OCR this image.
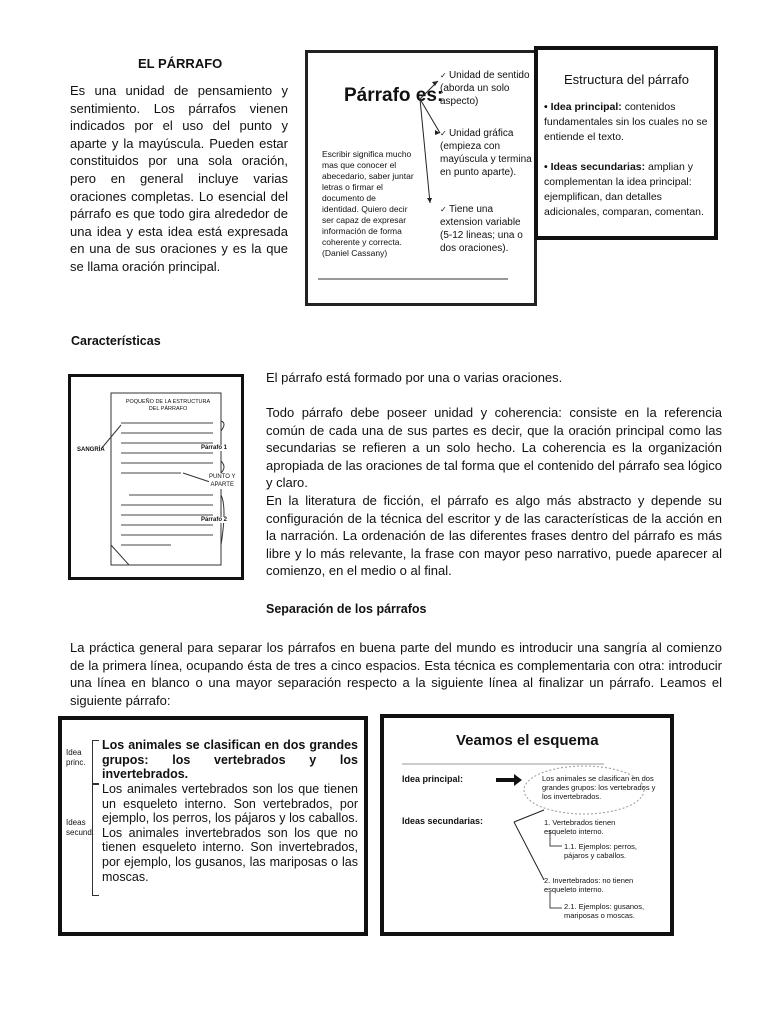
EL PÁRRAFO

Es una unidad de pensamiento y sentimiento. Los párrafos vienen indicados por el uso del punto y aparte y la mayúscula. Pueden estar constituidos por una sola oración, pero en general incluye varias oraciones completas. Lo esencial del párrafo es que todo gira alrededor de una idea y esta idea está expresada en una de sus oraciones y es la que se llama oración principal.

Párrafo es:
Escribir significa mucho mas que conocer el abecedario, saber juntar letras o firmar el documento de identidad. Quiero decir ser capaz de expresar información de forma coherente y correcta. (Daniel Cassany)
✓ Unidad de sentido (aborda un solo aspecto)
✓ Unidad gráfica (empieza con mayúscula y termina en punto aparte).
✓ Tiene una extension variable (5-12 lineas; una o dos oraciones).
Estructura del párrafo
• Idea principal: contenidos fundamentales sin los cuales no se entiende el texto.
• Ideas secundarias: amplian y complementan la idea principal: ejemplifican, dan detalles adicionales, comparan, comentan.
Características
POQUEÑO DE LA ESTRUCTURA
DEL PÁRRAFO
SANGRÍA	Párrafo 1
PUNTO Y
APARTE
Párrafo 2

El párrafo está formado por una o varias oraciones.

Todo párrafo debe poseer unidad y coherencia: consiste en la referencia común de cada una de sus partes es decir, que la oración principal como las secundarias se refieren a un solo hecho. La coherencia es la organización apropiada de las oraciones de tal forma que el contenido del párrafo sea lógico y claro.

En la literatura de ficción, el párrafo es algo más abstracto y depende su configuración de la técnica del escritor y de las características de la acción en la narración. La ordenación de las diferentes frases dentro del párrafo es más libre y lo más relevante, la frase con mayor peso narrativo, puede aparecer al comienzo, en el medio o al final.

Separación de los párrafos

La práctica general para separar los párrafos en buena parte del mundo es introducir una sangría al comienzo de la primera línea, ocupando ésta de tres a cinco espacios. Esta técnica es complementaria con otra: introducir una línea en blanco o una mayor separación respecto a la siguiente línea al finalizar un párrafo. Leamos el siguiente párrafo:

Idea
princ.
Los animales se clasifican en dos grandes grupos: los vertebrados y los invertebrados.
Ideas
secund.
Los animales vertebrados son los que tienen un esqueleto interno. Son vertebrados, por ejemplo, los perros, los pájaros y los caballos. Los animales invertebrados son los que no tienen esqueleto interno. Son invertebrados, por ejemplo, los gusanos, las mariposas o las moscas.
Veamos el esquema
Idea principal:	Los animales se clasifican en dos grandes grupos: los vertebrados y los invertebrados.
Ideas secundarias:	1. Vertebrados tienen esqueleto interno.
1.1. Ejemplos: perros, pájaros y caballos.
2. Invertebrados: no tienen esqueleto interno.
2.1. Ejemplos: gusanos, mariposas o moscas.
